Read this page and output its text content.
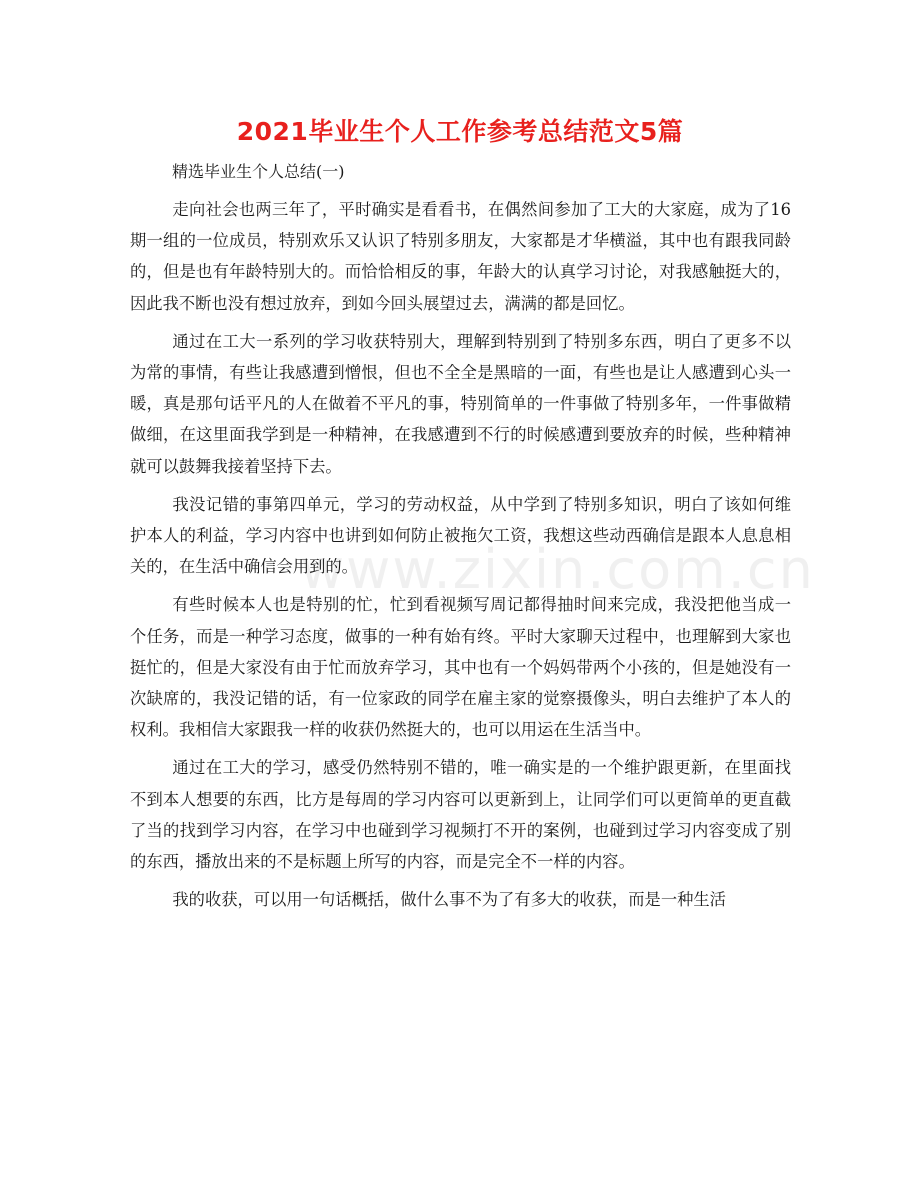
2021毕业生个人工作参考总结范文5篇

精选毕业生个人总结(一)

www.zixin.com.cn

走向社会也两三年了，平时确实是看看书，在偶然间参加了工大的大家庭，成为了16期一组的一位成员，特别欢乐又认识了特别多朋友，大家都是才华横溢，其中也有跟我同龄的，但是也有年龄特别大的。而恰恰相反的事，年龄大的认真学习讨论，对我感触挺大的，因此我不断也没有想过放弃，到如今回头展望过去，满满的都是回忆。

通过在工大一系列的学习收获特别大，理解到特别到了特别多东西，明白了更多不以为常的事情，有些让我感遭到憎恨，但也不全全是黑暗的一面，有些也是让人感遭到心头一暖，真是那句话平凡的人在做着不平凡的事，特别简单的一件事做了特别多年，一件事做精做细，在这里面我学到是一种精神，在我感遭到不行的时候感遭到要放弃的时候，些种精神就可以鼓舞我接着坚持下去。

我没记错的事第四单元，学习的劳动权益，从中学到了特别多知识，明白了该如何维护本人的利益，学习内容中也讲到如何防止被拖欠工资，我想这些动西确信是跟本人息息相关的，在生活中确信会用到的。

有些时候本人也是特别的忙，忙到看视频写周记都得抽时间来完成，我没把他当成一个任务，而是一种学习态度，做事的一种有始有终。平时大家聊天过程中，也理解到大家也挺忙的，但是大家没有由于忙而放弃学习，其中也有一个妈妈带两个小孩的，但是她没有一次缺席的，我没记错的话，有一位家政的同学在雇主家的觉察摄像头，明白去维护了本人的权利。我相信大家跟我一样的收获仍然挺大的，也可以用运在生活当中。

通过在工大的学习，感受仍然特别不错的，唯一确实是的一个维护跟更新，在里面找不到本人想要的东西，比方是每周的学习内容可以更新到上，让同学们可以更简单的更直截了当的找到学习内容，在学习中也碰到学习视频打不开的案例，也碰到过学习内容变成了别的东西，播放出来的不是标题上所写的内容，而是完全不一样的内容。

我的收获，可以用一句话概括，做什么事不为了有多大的收获，而是一种生活
